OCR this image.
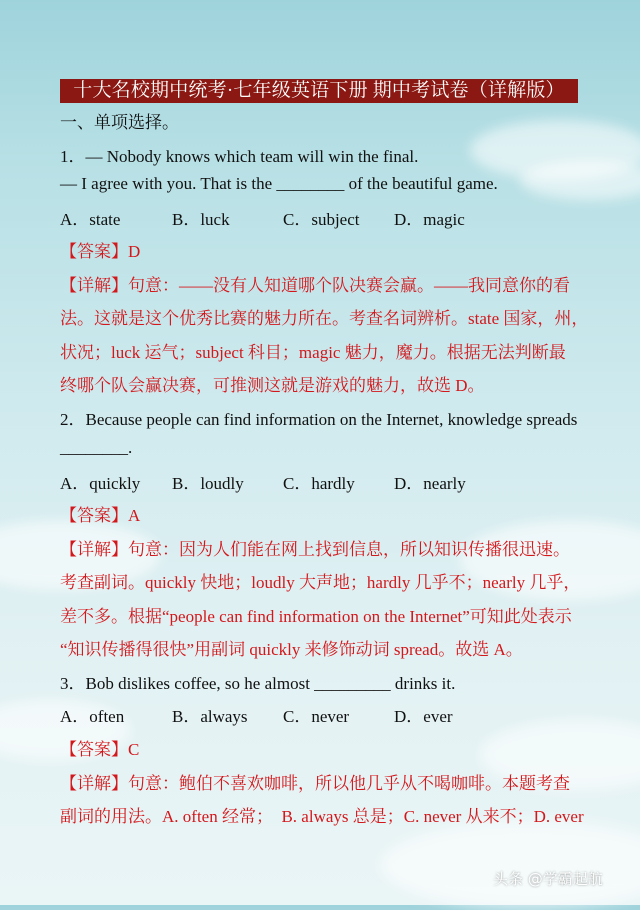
十大名校期中统考·七年级英语下册 期中考试卷（详解版）
一、单项选择。
1．— Nobody knows which team will win the final.
— I agree with you. That is the ________ of the beautiful game.
A．state	B．luck	C．subject D．magic
【答案】D
【详解】句意：——没有人知道哪个队决赛会赢。——我同意你的看
法。这就是这个优秀比赛的魅力所在。考查名词辨析。state 国家，州，
状况；luck 运气；subject 科目；magic 魅力，魔力。根据无法判断最
终哪个队会赢决赛，可推测这就是游戏的魅力，故选 D。
2．Because people can find information on the Internet, knowledge spreads
________.
A．quickly B．loudly C．hardly D．nearly
【答案】A
【详解】句意：因为人们能在网上找到信息，所以知识传播很迅速。
考查副词。quickly 快地；loudly 大声地；hardly 几乎不；nearly 几乎，
差不多。根据“people can find information on the Internet”可知此处表示
“知识传播得很快”用副词 quickly 来修饰动词 spread。故选 A。
3．Bob dislikes coffee, so he almost _________ drinks it.
A．often	B．always C．never	D．ever
【答案】C
【详解】句意：鲍伯不喜欢咖啡，所以他几乎从不喝咖啡。本题考查
副词的用法。A. often 经常；　B. always 总是；C. never 从来不；D. ever
头条 @学霸起航
